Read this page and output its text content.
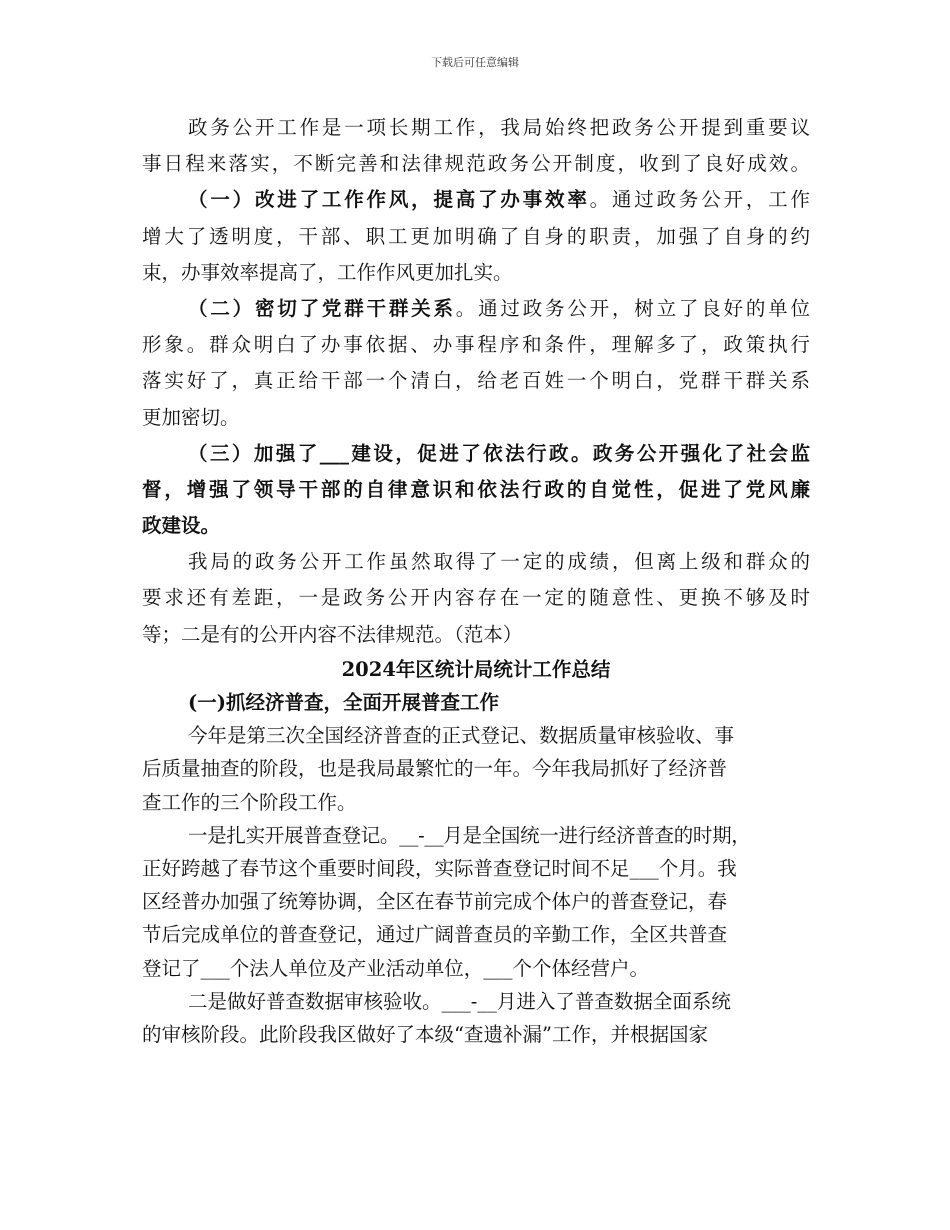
下载后可任意编辑
政务公开工作是一项长期工作，我局始终把政务公开提到重要议
事日程来落实，不断完善和法律规范政务公开制度，收到了良好成效。
（一）改进了工作作风，提高了办事效率。通过政务公开，工作
增大了透明度，干部、职工更加明确了自身的职责，加强了自身的约
束，办事效率提高了，工作作风更加扎实。
（二）密切了党群干群关系。通过政务公开，树立了良好的单位
形象。群众明白了办事依据、办事程序和条件，理解多了，政策执行
落实好了，真正给干部一个清白，给老百姓一个明白，党群干群关系
更加密切。
（三）加强了___建设，促进了依法行政。政务公开强化了社会监
督，增强了领导干部的自律意识和依法行政的自觉性，促进了党风廉
政建设。
我局的政务公开工作虽然取得了一定的成绩，但离上级和群众的
要求还有差距，一是政务公开内容存在一定的随意性、更换不够及时
等；二是有的公开内容不法律规范。（范本）
2024年区统计局统计工作总结
(一)抓经济普查，全面开展普查工作
今年是第三次全国经济普查的正式登记、数据质量审核验收、事
后质量抽查的阶段，也是我局最繁忙的一年。今年我局抓好了经济普
查工作的三个阶段工作。
一是扎实开展普查登记。__-__月是全国统一进行经济普查的时期，
正好跨越了春节这个重要时间段，实际普查登记时间不足___个月。我
区经普办加强了统筹协调，全区在春节前完成个体户的普查登记，春
节后完成单位的普查登记，通过广阔普查员的辛勤工作，全区共普查
登记了___个法人单位及产业活动单位，___个个体经营户。
二是做好普查数据审核验收。___-__月进入了普查数据全面系统
的审核阶段。此阶段我区做好了本级“查遗补漏”工作，并根据国家
